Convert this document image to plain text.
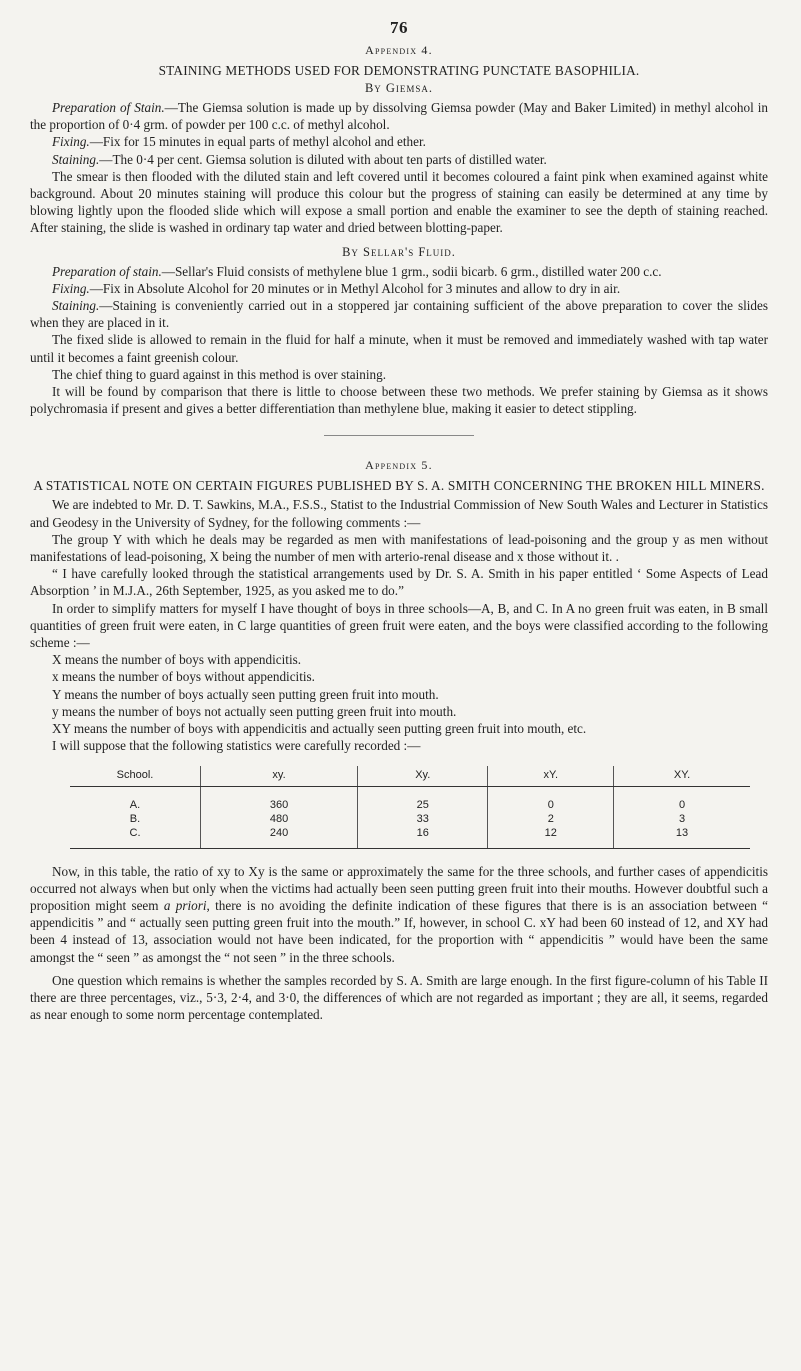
76
Appendix 4.
STAINING METHODS USED FOR DEMONSTRATING PUNCTATE BASOPHILIA.
By Giemsa.

Preparation of Stain.—The Giemsa solution is made up by dissolving Giemsa powder (May and Baker Limited) in methyl alcohol in the proportion of 0·4 grm. of powder per 100 c.c. of methyl alcohol.

Fixing.—Fix for 15 minutes in equal parts of methyl alcohol and ether.

Staining.—The 0·4 per cent. Giemsa solution is diluted with about ten parts of distilled water.

The smear is then flooded with the diluted stain and left covered until it becomes coloured a faint pink when examined against white background. About 20 minutes staining will produce this colour but the progress of staining can easily be determined at any time by blowing lightly upon the flooded slide which will expose a small portion and enable the examiner to see the depth of staining reached. After staining, the slide is washed in ordinary tap water and dried between blotting-paper.

By Sellar's Fluid.

Preparation of stain.—Sellar's Fluid consists of methylene blue 1 grm., sodii bicarb. 6 grm., distilled water 200 c.c.

Fixing.—Fix in Absolute Alcohol for 20 minutes or in Methyl Alcohol for 3 minutes and allow to dry in air.

Staining.—Staining is conveniently carried out in a stoppered jar containing sufficient of the above preparation to cover the slides when they are placed in it.

The fixed slide is allowed to remain in the fluid for half a minute, when it must be removed and immediately washed with tap water until it becomes a faint greenish colour.

The chief thing to guard against in this method is over staining.

It will be found by comparison that there is little to choose between these two methods. We prefer staining by Giemsa as it shows polychromasia if present and gives a better differentiation than methylene blue, making it easier to detect stippling.

Appendix 5.
A STATISTICAL NOTE ON CERTAIN FIGURES PUBLISHED BY S. A. SMITH CONCERNING THE BROKEN HILL MINERS.

We are indebted to Mr. D. T. Sawkins, M.A., F.S.S., Statist to the Industrial Commission of New South Wales and Lecturer in Statistics and Geodesy in the University of Sydney, for the following comments :—

The group Y with which he deals may be regarded as men with manifestations of lead-poisoning and the group y as men without manifestations of lead-poisoning, X being the number of men with arterio-renal disease and x those without it. .

“ I have carefully looked through the statistical arrangements used by Dr. S. A. Smith in his paper entitled ‘ Some Aspects of Lead Absorption ’ in M.J.A., 26th September, 1925, as you asked me to do.”

In order to simplify matters for myself I have thought of boys in three schools—A, B, and C. In A no green fruit was eaten, in B small quantities of green fruit were eaten, in C large quantities of green fruit were eaten, and the boys were classified according to the following scheme :—

X means the number of boys with appendicitis.

x means the number of boys without appendicitis.

Y means the number of boys actually seen putting green fruit into mouth.

y means the number of boys not actually seen putting green fruit into mouth.

XY means the number of boys with appendicitis and actually seen putting green fruit into mouth, etc.

I will suppose that the following statistics were carefully recorded :—

School.	xy.	Xy.	xY.	XY.
A.	360	25	0	0
B.	480	33	2	3
C.	240	16	12	13

Now, in this table, the ratio of xy to Xy is the same or approximately the same for the three schools, and further cases of appendicitis occurred not always when but only when the victims had actually been seen putting green fruit into their mouths. However doubtful such a proposition might seem a priori, there is no avoiding the definite indication of these figures that there is is an association between “ appendicitis ” and “ actually seen putting green fruit into the mouth.” If, however, in school C. xY had been 60 instead of 12, and XY had been 4 instead of 13, association would not have been indicated, for the proportion with “ appendicitis ” would have been the same amongst the “ seen ” as amongst the “ not seen ” in the three schools.

One question which remains is whether the samples recorded by S. A. Smith are large enough. In the first figure-column of his Table II there are three percentages, viz., 5·3, 2·4, and 3·0, the differences of which are not regarded as important ; they are all, it seems, regarded as near enough to some norm percentage contemplated.
